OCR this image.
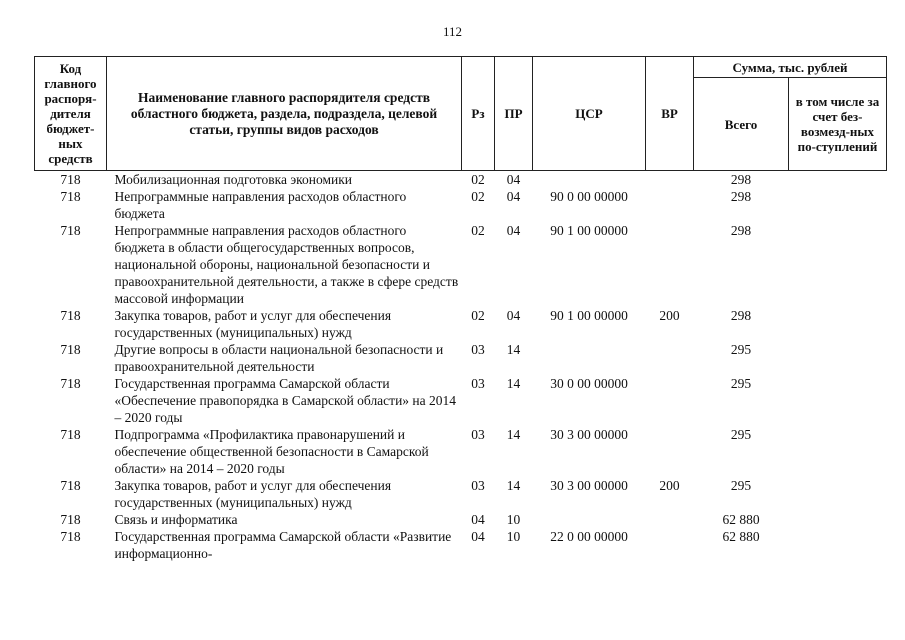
112
Код главного распоря-дителя бюджет-ных средств	Наименование главного распорядителя средств областного бюджета, раздела, подраздела, целевой статьи, группы видов расходов	Рз	ПР	ЦСР	ВР	Сумма, тыс. рублей	
						Всего	в том числе за счет без-возмезд-ных по-ступлений
718	Мобилизационная подготовка экономики	02	04			298	
718	Непрограммные направления расходов областного бюджета	02	04	90 0 00 00000		298	
718	Непрограммные направления расходов областного бюджета в области общегосударственных вопросов, национальной обороны, национальной безопасности и правоохранительной деятельности, а также в сфере средств массовой информации	02	04	90 1 00 00000		298	
718	Закупка товаров, работ и услуг для обеспечения государственных (муниципальных) нужд	02	04	90 1 00 00000	200	298	
718	Другие вопросы в области национальной безопасности и правоохранительной деятельности	03	14			295	
718	Государственная программа Самарской области «Обеспечение правопорядка в Самарской области» на 2014 – 2020 годы	03	14	30 0 00 00000		295	
718	Подпрограмма «Профилактика правонарушений и обеспечение общественной безопасности в Самарской области» на 2014 – 2020 годы	03	14	30 3 00 00000		295	
718	Закупка товаров, работ и услуг для обеспечения государственных (муниципальных) нужд	03	14	30 3 00 00000	200	295	
718	Связь и информатика	04	10			62 880	
718	Государственная программа Самарской области «Развитие информационно-	04	10	22 0 00 00000		62 880	
